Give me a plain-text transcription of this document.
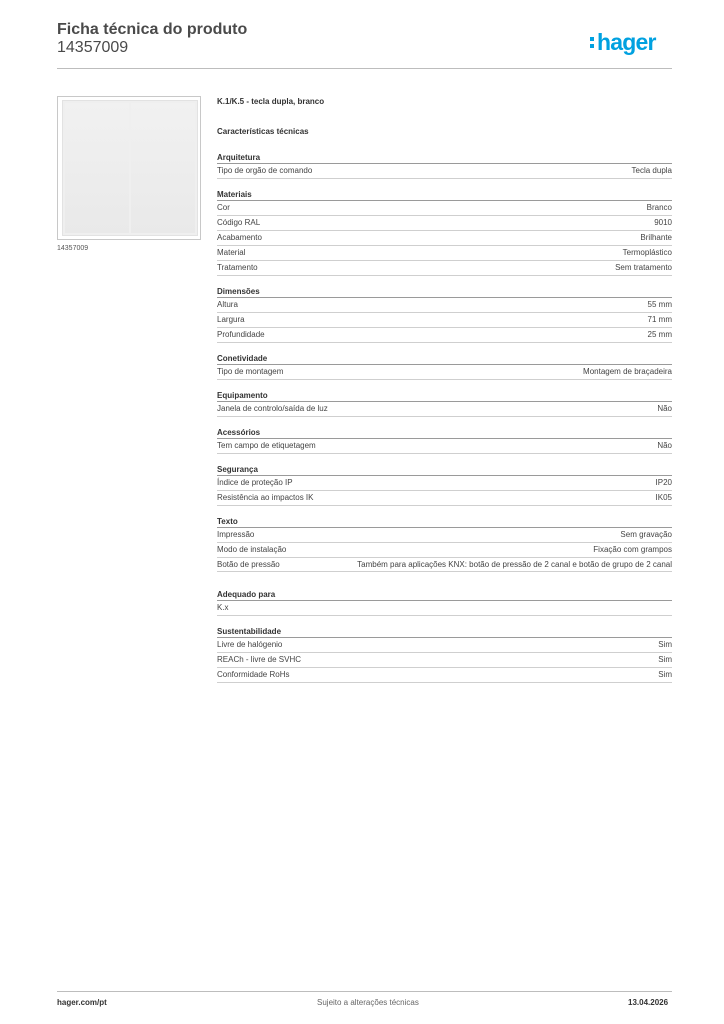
Ficha técnica do produto
14357009	hager
14357009
K.1/K.5 - tecla dupla, branco
Características técnicas
Arquitetura
Tipo de orgão de comando	Tecla dupla
Materiais
Cor	Branco
Código RAL	9010
Acabamento	Brilhante
Material	Termoplástico
Tratamento	Sem tratamento
Dimensões
Altura	55 mm
Largura	71 mm
Profundidade	25 mm
Conetividade
Tipo de montagem	Montagem de braçadeira
Equipamento
Janela de controlo/saída de luz	Não
Acessórios
Tem campo de etiquetagem	Não
Segurança
Índice de proteção IP	IP20
Resistência ao impactos IK	IK05
Texto
Impressão	Sem gravação
Modo de instalação	Fixação com grampos
Botão de pressão	Também para aplicações KNX: botão de pressão de 2 canal e botão de grupo de 2 canal
Adequado para
K.x
Sustentabilidade
Livre de halógenio	Sim
REACh - livre de SVHC	Sim
Conformidade RoHs	Sim
hager.com/pt	Sujeito a alterações técnicas	13.04.2026
